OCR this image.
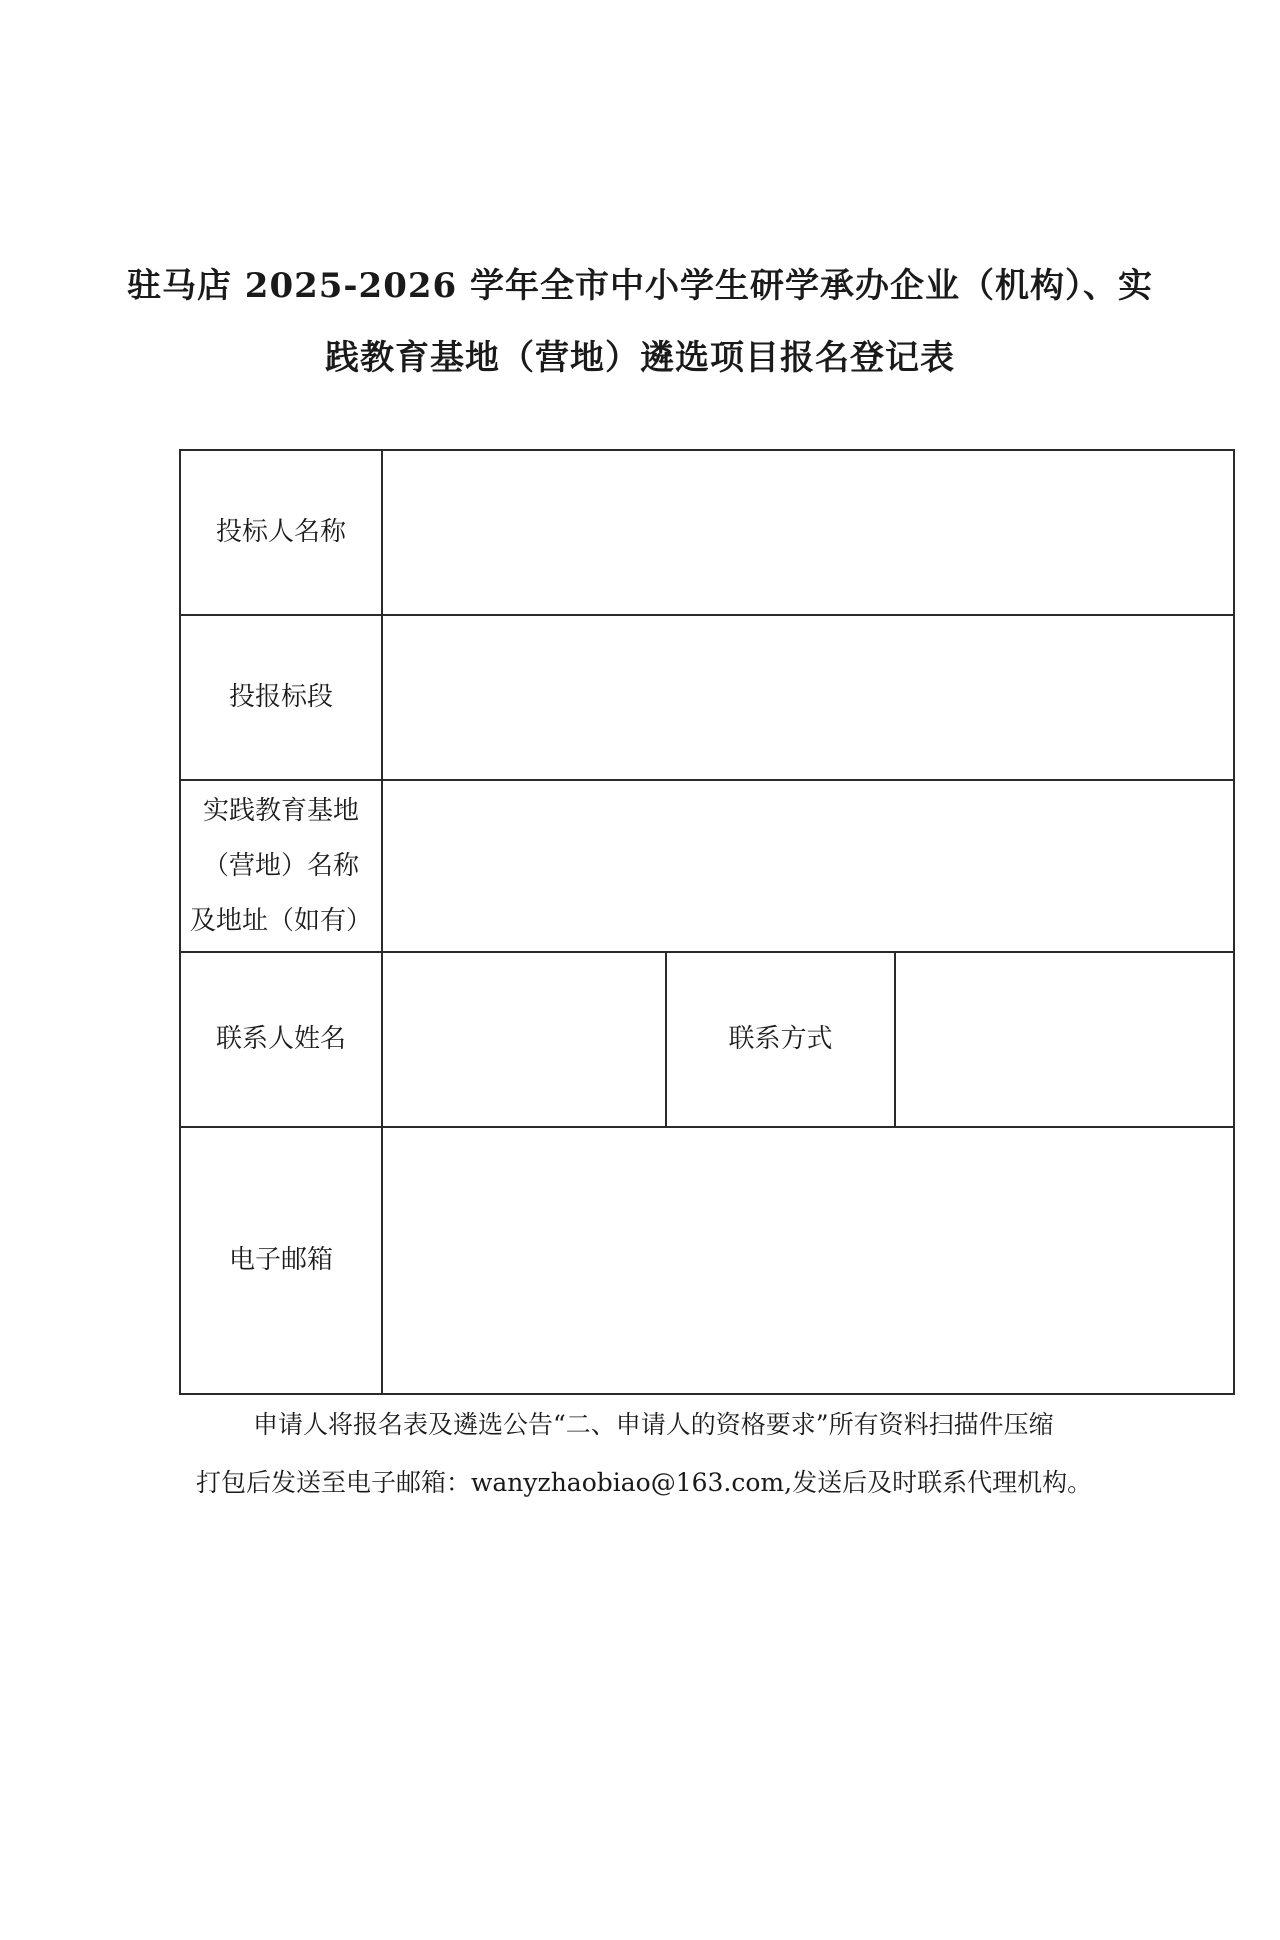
驻马店 2025-2026 学年全市中小学生研学承办企业（机构）、实
践教育基地（营地）遴选项目报名登记表
投标人名称			
投报标段			

实践教育基地
（营地）名称
及地址（如有）			

联系人姓名		联系方式	
电子邮箱			
申请人将报名表及遴选公告“二、申请人的资格要求”所有资料扫描件压缩
打包后发送至电子邮箱：wanyzhaobiao@163.com,发送后及时联系代理机构。
